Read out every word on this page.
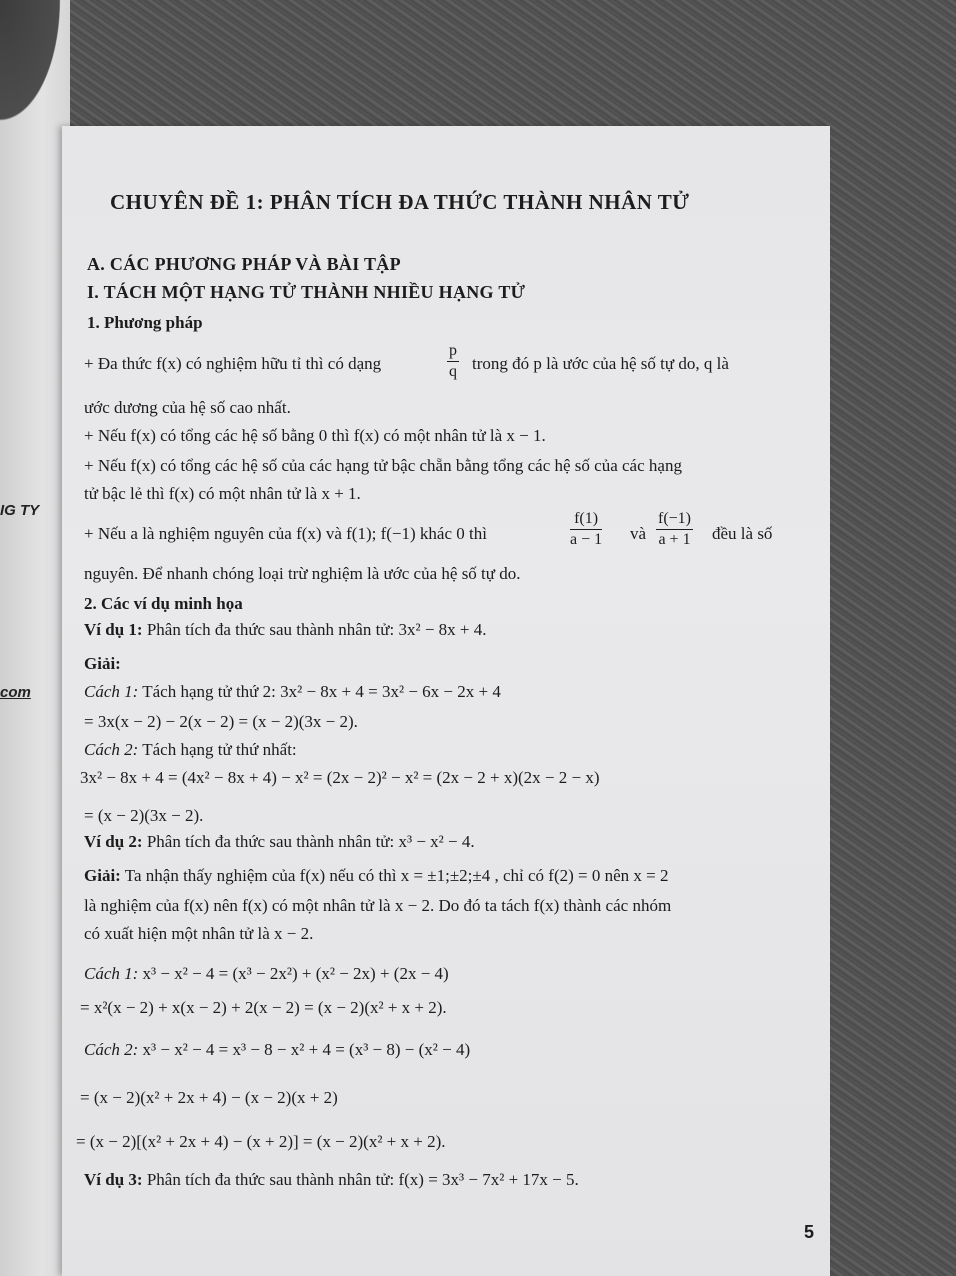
IG TY
com
CHUYÊN ĐỀ 1: PHÂN TÍCH ĐA THỨC THÀNH NHÂN TỬ
A. CÁC PHƯƠNG PHÁP VÀ BÀI TẬP
I. TÁCH MỘT HẠNG TỬ THÀNH NHIỀU HẠNG TỬ
1. Phương pháp
+ Đa thức f(x) có nghiệm hữu tỉ thì có dạng	$\frac{p}{q}$ trong đó p là ước của hệ số tự do, q là
ước dương của hệ số cao nhất.
+ Nếu f(x) có tổng các hệ số bằng 0 thì f(x) có một nhân tử là x − 1.
+ Nếu f(x) có tổng các hệ số của các hạng tử bậc chẵn bằng tổng các hệ số của các hạng
tử bậc lẻ thì f(x) có một nhân tử là x + 1.
+ Nếu a là nghiệm nguyên của f(x) và f(1); f(−1) khác 0 thì	$\frac{f(1)}{a - 1}$ và $\frac{f(-1)}{a + 1}$ đều là số
nguyên. Để nhanh chóng loại trừ nghiệm là ước của hệ số tự do.
2. Các ví dụ minh họa
Ví dụ 1: Phân tích đa thức sau thành nhân tử: 3x² − 8x + 4.
Giải:
Cách 1: Tách hạng tử thứ 2: 3x² − 8x + 4 = 3x² − 6x − 2x + 4
= 3x(x − 2) − 2(x − 2) = (x − 2)(3x − 2).
Cách 2: Tách hạng tử thứ nhất:
3x² − 8x + 4 = (4x² − 8x + 4) − x² = (2x − 2)² − x² = (2x − 2 + x)(2x − 2 − x)
= (x − 2)(3x − 2).
Ví dụ 2: Phân tích đa thức sau thành nhân tử: x³ − x² − 4.
Giải: Ta nhận thấy nghiệm của f(x) nếu có thì x = ±1;±2;±4 , chỉ có f(2) = 0 nên x = 2
là nghiệm của f(x) nên f(x) có một nhân tử là x − 2. Do đó ta tách f(x) thành các nhóm
có xuất hiện một nhân tử là x − 2.
Cách 1: x³ − x² − 4 = (x³ − 2x²) + (x² − 2x) + (2x − 4)
= x²(x − 2) + x(x − 2) + 2(x − 2) = (x − 2)(x² + x + 2).
Cách 2: x³ − x² − 4 = x³ − 8 − x² + 4 = (x³ − 8) − (x² − 4)
= (x − 2)(x² + 2x + 4) − (x − 2)(x + 2)
= (x − 2)[(x² + 2x + 4) − (x + 2)] = (x − 2)(x² + x + 2).
Ví dụ 3: Phân tích đa thức sau thành nhân tử: f(x) = 3x³ − 7x² + 17x − 5.
5
